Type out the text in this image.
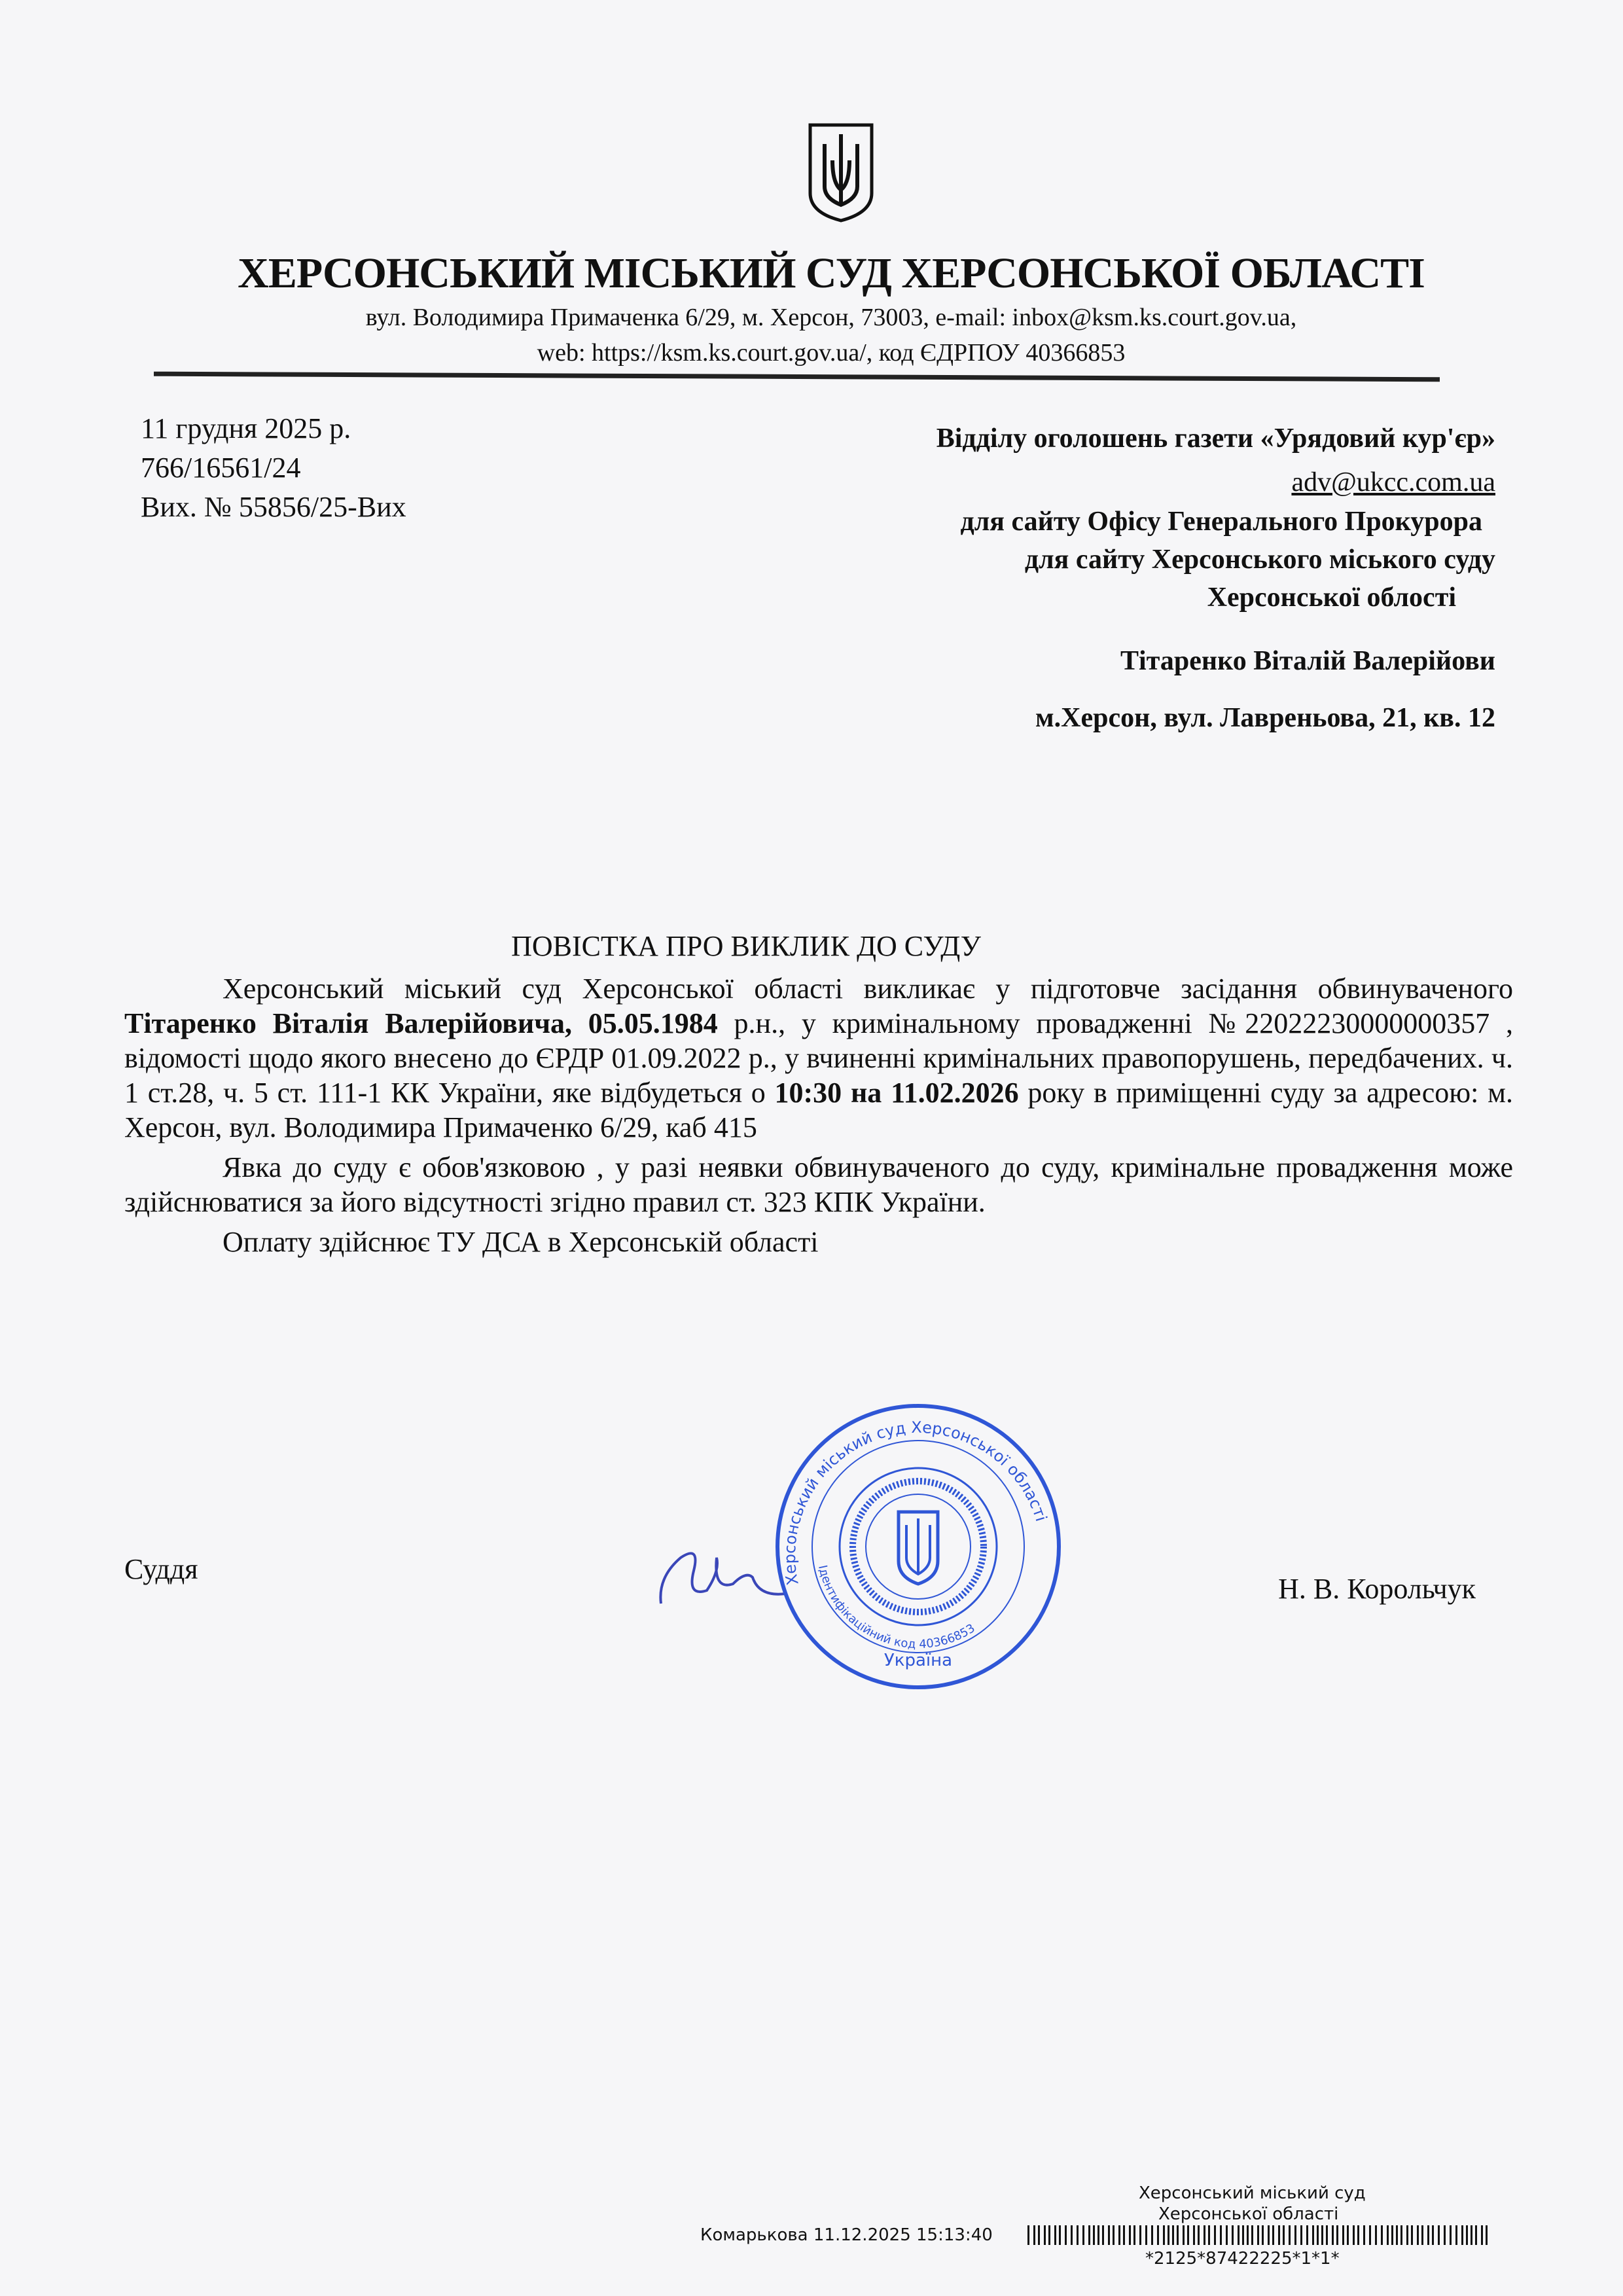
ХЕРСОНСЬКИЙ МІСЬКИЙ СУД ХЕРСОНСЬКОЇ ОБЛАСТІ
вул. Володимира Примаченка 6/29, м. Херсон, 73003, e-mail: inbox@ksm.ks.court.gov.ua,
web: https://ksm.ks.court.gov.ua/, код ЄДРПОУ 40366853
11 грудня 2025 р.
766/16561/24
Вих. № 55856/25-Вих
Відділу оголошень газети «Урядовий кур'єр»
adv@ukcc.com.ua
для сайту Офісу Генерального Прокурора
для сайту Херсонського міського суду
Херсонської облості
Тітаренко Віталій Валерійови
м.Херсон, вул. Лавреньова, 21, кв. 12
ПОВІСТКА ПРО ВИКЛИК ДО СУДУ

Херсонський міський суд Херсонської області викликає у підготовче засідання обвинуваченого Тітаренко Віталія Валерійовича, 05.05.1984 р.н., у кримінальному провадженні №22022230000000357 , відомості щодо якого внесено до ЄРДР 01.09.2022 р., у вчиненні кримінальних правопорушень, передбачених. ч. 1 ст.28, ч. 5 ст. 111-1 КК України, яке відбудеться о 10:30 на 11.02.2026 року в приміщенні суду за адресою: м. Херсон, вул. Володимира Примаченко 6/29, каб 415

Явка до суду є обов'язковою , у разі неявки обвинуваченого до суду, кримінальне провадження може здійснюватися за його відсутності згідно правил ст. 323 КПК України.

Оплату здійснює ТУ ДСА в Херсонській області

Суддя
Н. В. Корольчук
Херсонський міський суд Херсонської області
Ідентифікаційний код 40366853
Україна
Херсонський міський суд
Херсонської області
Комарькова 11.12.2025 15:13:40
*2125*87422225*1*1*
